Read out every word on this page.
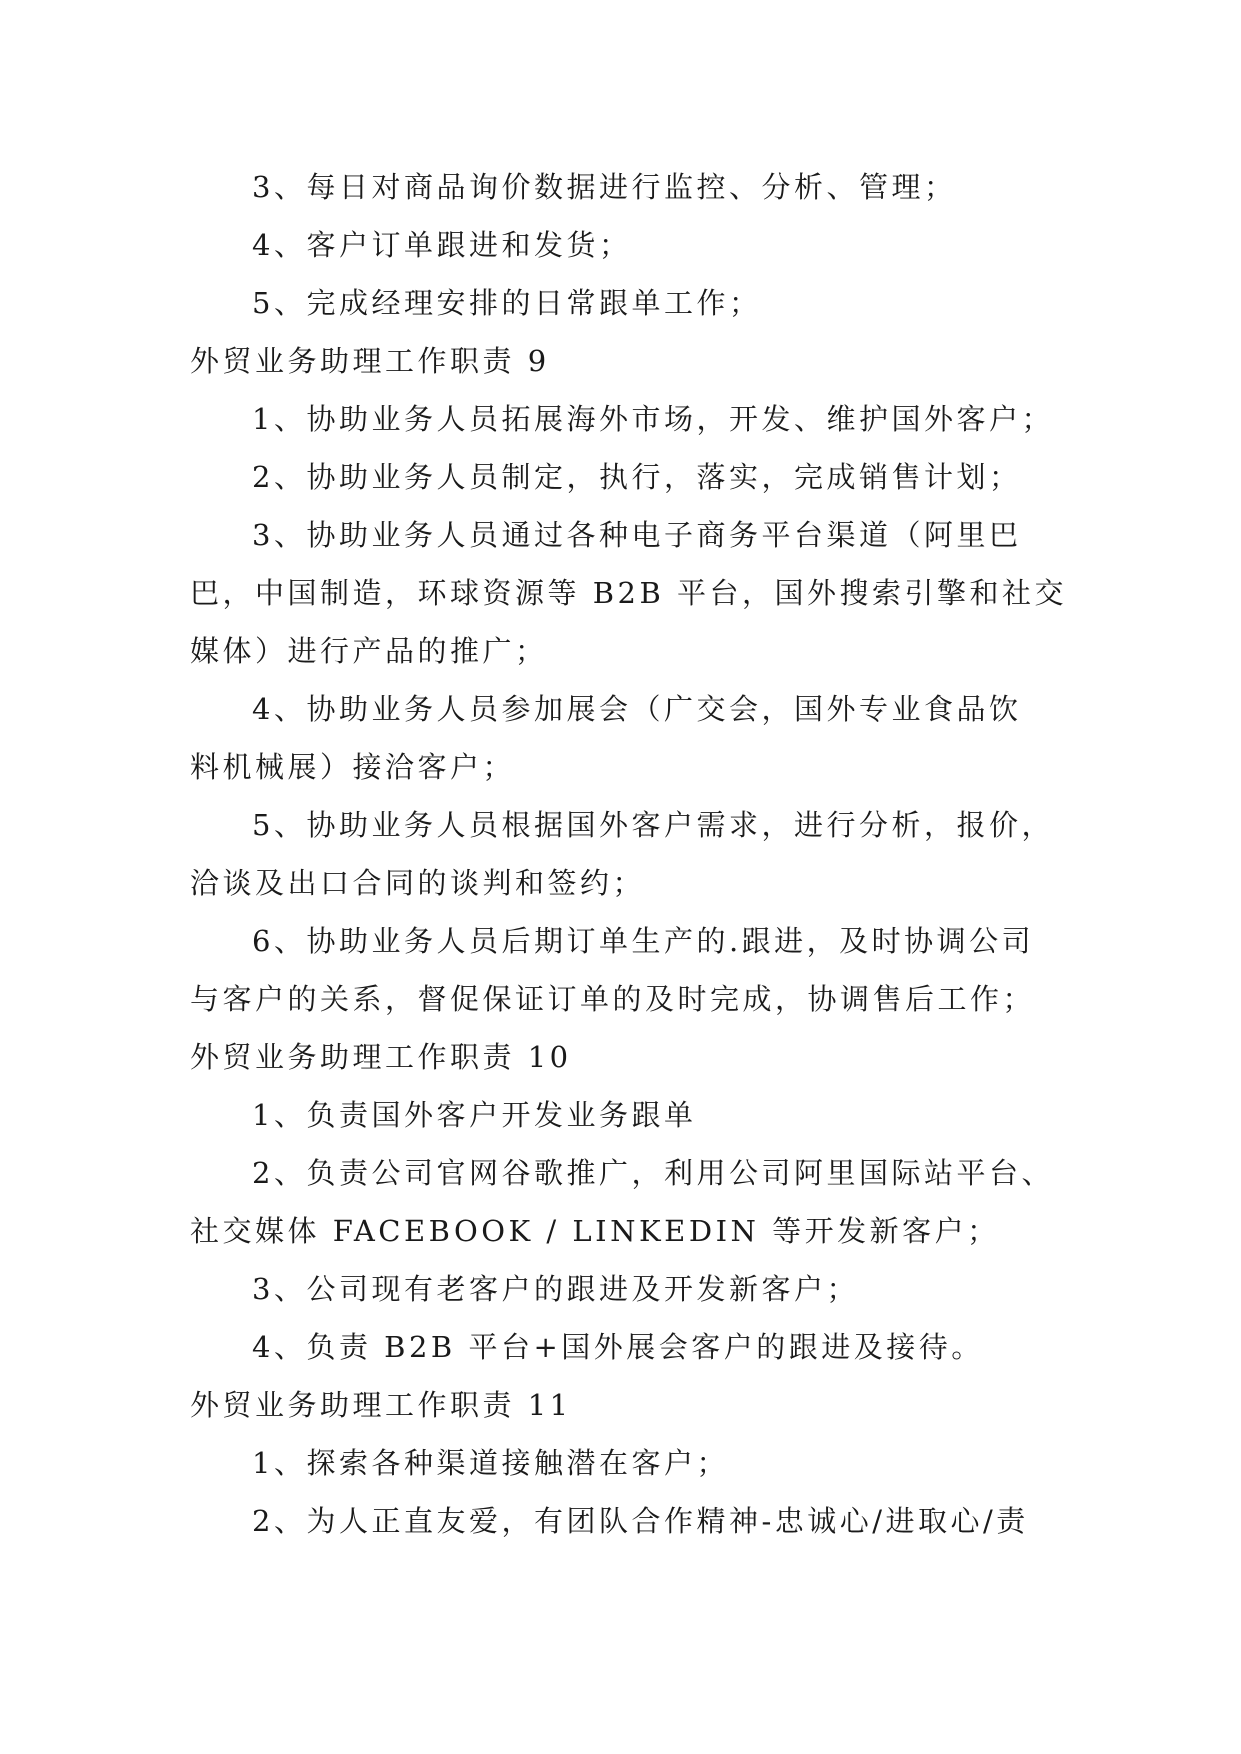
3、每日对商品询价数据进行监控、分析、管理；
4、客户订单跟进和发货；
5、完成经理安排的日常跟单工作；
外贸业务助理工作职责 9
1、协助业务人员拓展海外市场，开发、维护国外客户；
2、协助业务人员制定，执行，落实，完成销售计划；
3、协助业务人员通过各种电子商务平台渠道（阿里巴
巴，中国制造，环球资源等 B2B 平台，国外搜索引擎和社交
媒体）进行产品的推广；
4、协助业务人员参加展会（广交会，国外专业食品饮
料机械展）接洽客户；
5、协助业务人员根据国外客户需求，进行分析，报价，
洽谈及出口合同的谈判和签约；
6、协助业务人员后期订单生产的.跟进，及时协调公司
与客户的关系，督促保证订单的及时完成，协调售后工作；
外贸业务助理工作职责 10
1、负责国外客户开发业务跟单
2、负责公司官网谷歌推广，利用公司阿里国际站平台、
社交媒体 FACEBOOK / LINKEDIN 等开发新客户；
3、公司现有老客户的跟进及开发新客户；
4、负责 B2B 平台+国外展会客户的跟进及接待。
外贸业务助理工作职责 11
1、探索各种渠道接触潜在客户；
2、为人正直友爱，有团队合作精神-忠诚心/进取心/责
